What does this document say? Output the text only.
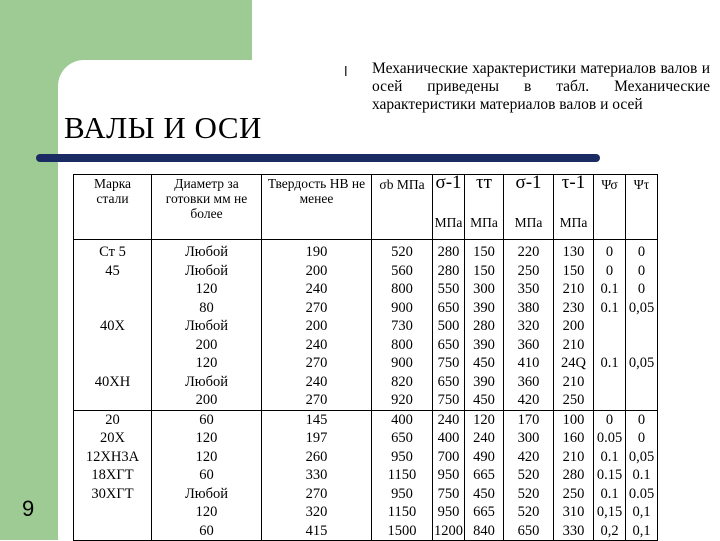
ВАЛЫ И ОСИ
l Механические характеристики материалов валов и осей приведены в табл. Механические характеристики материалов валов и осей
9
Марка стали	Диаметр за готовки мм не более	Твердость НВ не менее	σb МПа	σ-1	τт	σ-1	τ-1	Ψσ	Ψτ
				МПа	МПа	МПа	МПа		
Ст 5	Любой	190	520	280	150	220	130	0	0
45	Любой	200	560	280	150	250	150	0	0
	120	240	800	550	300	350	210	0.1	0
	80	270	900	650	390	380	230	0.1	0,05
40Х	Любой	200	730	500	280	320	200		
	200	240	800	650	390	360	210		
	120	270	900	750	450	410	24Q	0.1	0,05
40ХН	Любой	240	820	650	390	360	210		
	200	270	920	750	450	420	250		
20	60	145	400	240	120	170	100	0	0
20Х	120	197	650	400	240	300	160	0.05	0
12ХН3А	120	260	950	700	490	420	210	0.1	0,05
18ХГТ	60	330	1150	950	665	520	280	0.15	0.1
30ХГТ	Любой	270	950	750	450	520	250	0.1	0.05
	120	320	1150	950	665	520	310	0,15	0,1
	60	415	1500	1200	840	650	330	0,2	0,1
